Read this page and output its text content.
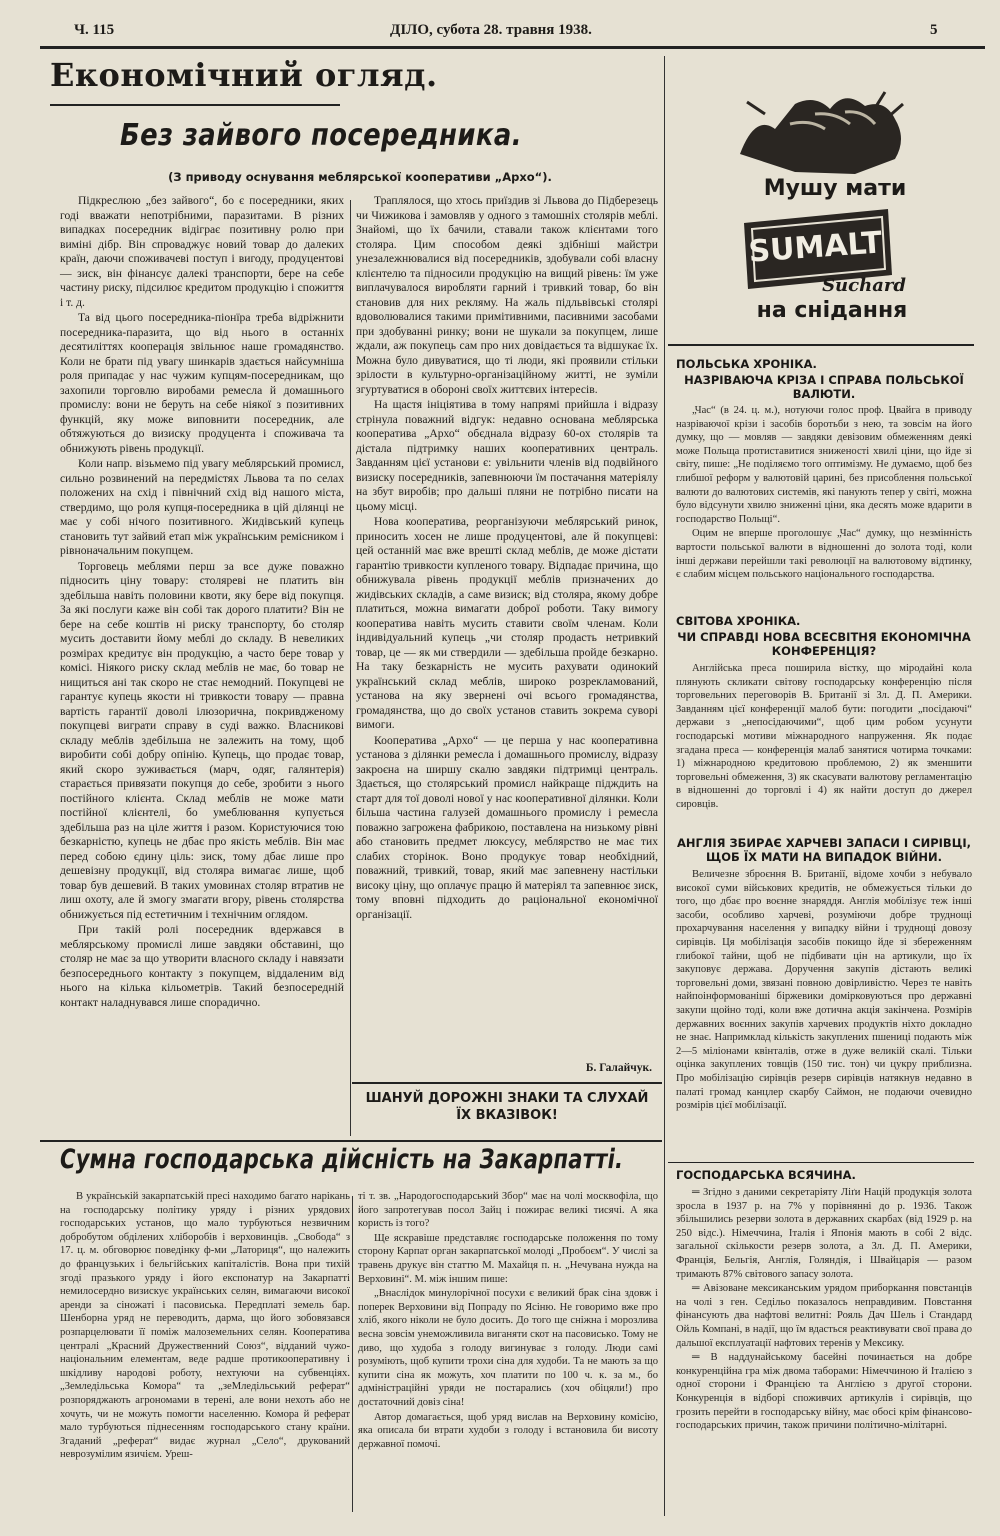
Ч. 115	ДІЛО, субота 28. травня 1938.	5
Економічний огляд.
Без зайвого посередника.
(З приводу оснування меблярської кооперативи „Архо“).

Підкреслюю „без зайвого“, бо є посередники, яких годі вважати непотрібними, паразитами. В різних випадках посередник відіграє позитивну ролю при виміні дібр. Він спроваджує новий товар до далеких країн, даючи споживачеві поступ і вигоду, продуцентові — зиск, він фінансує далекі транспорти, бере на себе частину риску, підсилює кредитом продукцію і спожиття і т. д.

Та від цього посередника-піонїра треба відріжнити посередника-паразита, що від нього в останніх десятиліттях кооперація звільнює наше громадянство. Коли не брати під увагу шинкарів здається найсумніша роля припадає у нас чужим купцям-посередникам, що захопили торговлю виробами ремесла й домашнього промислу: вони не беруть на себе ніякої з позитивних функцій, яку може виповнити посередник, але обтяжуються до визиску продуцента і споживача та обнижують рівень продукції.

Коли напр. візьмемо під увагу меблярський промисл, сильно розвинений на передмістях Львова та по селах положених на схід і північний схід від нашого міста, ствердимо, що роля купця-посередника в цій ділянці не має у собі нічого позитивного. Жидівський купець становить тут зайвий етап між українським ремісником і рівноначальним покупцем.

Торговець меблями перш за все дуже поважно підносить ціну товару: столяреві не платить він здебільша навіть половини квоти, яку бере від покупця. За які послуги каже він собі так дорого платити? Він не бере на себе коштів ні риску транспорту, бо столяр мусить доставити йому меблі до складу. В невеликих розмірах кредитує він продукцію, а часто бере товар у комісі. Ніякого риску склад меблів не має, бо товар не нищиться ані так скоро не стає немодний. Покупцеві не гарантує купець якости ні тривкости товару — правна вартість гарантії доволі ілюзорична, покривдженому покупцеві виграти справу в суді важко. Власникові складу меблів здебільша не залежить на тому, щоб виробити собі добру опінію. Купець, що продає товар, який скоро зуживається (марч, одяг, галянтерія) старається привязати покупця до себе, зробити з нього постійного клієнта. Склад меблів не може мати постійної клієнтелі, бо умеблювання купується здебільша раз на ціле життя і разом. Користуючися тою безкарністю, купець не дбає про якість меблів. Він має перед собою єдину ціль: зиск, тому дбає лише про дешевізну продукції, від столяра вимагає лише, щоб товар був дешевий. В таких умовинах столяр втратив не лиш охоту, але й змогу змагати вгору, рівень столярства обнижується під естетичним і технічним оглядом.

При такій ролі посередник вдержався в меблярському промислі лише завдяки обставині, що столяр не має за що утворити власного складу і навязати безпосереднього контакту з покупцем, віддаленим від нього на кілька кільометрів. Такий безпосередній контакт наладнувався лише спорадично.

Траплялося, що хтось приїздив зі Львова до Підберезець чи Чижикова і замовляв у одного з тамошніх столярів меблі. Знайомі, що їх бачили, ставали також клієнтами того столяра. Цим способом деякі здібніші майстри унезалежнювалися від посередників, здобували собі власну клієнтелю та підносили продукцію на вищий рівень: їм уже виплачувалося виробляти гарний і тривкий товар, бо він становив для них рекляму. На жаль підльвівські столярі вдоволювалися такими примітивними, пасивними засобами при здобуванні ринку; вони не шукали за покупцем, лише ждали, аж покупець сам про них довідається та відшукає їх. Можна було дивуватися, що ті люди, які проявили стільки зрілости в культурно-організаційному житті, не зуміли згуртуватися в обороні своїх життєвих інтересів.

На щастя ініціятива в тому напрямі прийшла і відразу стрінула поважний відгук: недавно основана меблярська кооператива „Архо“ обєднала відразу 60-ох столярів та дістала підтримку наших кооперативних централь. Завданням цієї установи є: увільнити членів від подвійного визиску посередників, запевнюючи їм постачання матеріялу на збут виробів; про дальші пляни не потрібно писати на цьому місці.

Нова кооператива, реорганізуючи меблярський ринок, приносить хосен не лише продуцентові, але й покупцеві: цей останній має вже врешті склад меблів, де може дістати гарантію тривкости купленого товару. Відпадає причина, що обнижувала рівень продукції меблів призначених до жидівських складів, а саме визиск; від столяра, якому добре платиться, можна вимагати доброї роботи. Таку вимогу кооператива навіть мусить ставити своїм членам. Коли індивідуальний купець „чи столяр продасть нетривкий товар, це — як ми ствердили — здебільша пройде безкарно. На таку безкарність не мусить рахувати одинокий український склад меблів, широко розрекламований, установа на яку звернені очі всього громадянства, громадянства, що до своїх установ ставить зокрема суворі вимоги.

Кооператива „Архо“ — це перша у нас кооперативна установа з ділянки ремесла і домашнього промислу, відразу закроєна на ширшу скалю завдяки підтримці централь. Здається, що столярський промисл найкраще підждить на старт для тої доволі нової у нас кооперативної ділянки. Коли більша частина галузей домашнього промислу і ремесла поважно загрожена фабрикою, поставлена на низькому рівні або становить предмет люксусу, меблярство не має тих слабих сторінок. Воно продукує товар необхідний, поважний, тривкий, товар, який має запевнену настільки високу ціну, що оплачує працю й матеріял та запевнює зиск, тому вповні підходить до раціональної економічної організації.

Б. Галайчук.
ШАНУЙ ДОРОЖНІ ЗНАКИ ТА СЛУХАЙ ЇХ ВКАЗІВОК!
Мушу мати
SUMALT
Suchard
на снідання
ПОЛЬСЬКА ХРОНІКА.
НАЗРІВАЮЧА КРІЗА І СПРАВА ПОЛЬСЬКОЇ ВАЛЮТИ.

„Час“ (в 24. ц. м.), нотуючи голос проф. Цвайга в приводу назріваючої крізи і засобів боротьби з нею, та зовсім на його думку, що — мовляв — завдяки девізовим обмеженням деякі може Польща протиставитися зниженості хвилі ціни, що йде зі світу, пише: „Не поділяємо того оптимізму. Не думаємо, щоб без глибшої реформ у валютовій царині, без присоблення польської валюти до валютових системів, які панують тепер у світі, можна було відсунути хвилю зниженні ціни, яка десять може вдарити в господарство Польщі“.

Оцим не вперше проголошує „Час“ думку, що незмінність вартости польської валюти в відношенні до золота тоді, коли інші держави перейшли такі революції на валютовому відтинку, є слабим місцем польського національного господарства.

СВІТОВА ХРОНІКА.
ЧИ СПРАВДІ НОВА ВСЕСВІТНЯ ЕКОНОМІЧНА КОНФЕРЕНЦІЯ?

Англійська преса поширила вістку, що міродайні кола плянують скликати світову господарську конференцію після торговельних переговорів В. Британії зі Зл. Д. П. Америки. Завданням цієї конференції малоб бути: погодити „посідаючі“ держави з „непосідаючими“, щоб цим робом усунути господарські мотиви міжнародного напруження. Як подає згадана преса — конференція малаб занятися чотирма точками: 1) міжнародною кредитовою проблемою, 2) як зменшити торговельні обмеження, 3) як скасувати валютову регламентацію в відношенні до торговлі і 4) як найти доступ до джерел сировців.

АНГЛІЯ ЗБИРАЄ ХАРЧЕВІ ЗАПАСИ І СИРІВЦІ, ЩОБ ЇХ МАТИ НА ВИПАДОК ВІЙНИ.

Величезне зброєння В. Британії, відоме хочби з небувало високої суми військових кредитів, не обмежується тільки до того, що дбає про воєнне знаряддя. Англія мобілізує теж інші засоби, особливо харчеві, розуміючи добре труднощі прохарчування населення у випадку війни і труднощі довозу сирівців. Ця мобілізація засобів покищо йде зі збереженням глибокої тайни, щоб не підбивати цін на артикули, що їх закуповує держава. Доручення закупів дістають великі торговельні доми, звязані повною довірливістю. Через те навіть найпоінформованіші біржевики домірковуються про державні закупи щойно тоді, коли вже дотична акція закінчена. Розмірів державних воєнних закупів харчевих продуктів ніхто докладно не знає. Напримклад кількість закуплених пшениці подають між 2—5 міліонами квінталів, отже в дуже великій скалі. Тільки оцінка закуплених товщів (150 тис. тон) чи цукру приблизна. Про мобілізацію сирівців резерв сирівців натякнув недавно в палаті громад канцлер скарбу Саймон, не подаючи очевидно розмірів цієї мобілізації.

ГОСПОДАРСЬКА ВСЯЧИНА.

═ Згідно з даними секретаріяту Ліґи Націй продукція золота зросла в 1937 р. на 7% у порівнянні до р. 1936. Також збільшились резерви золота в державних скарбах (від 1929 р. на 250 відс.). Німеччина, Італія і Японія мають в собі 2 відс. загальної скількости резерв золота, а Зл. Д. П. Америки, Франція, Бельгія, Англія, Голяндія, і Швайцарія — разом тримають 87% світового запасу золота.

═ Авізоване мексиканським урядом приборкання повстанців на чолі з ген. Седільо показалось неправдивим. Повстання фінансують два нафтові велитні: Рояль Дач Шель і Стандард Ойль Компані, в надії, що їм вдасться реактивувати свої права до дальшої експлуатації нафтових теренів у Мексику.

═ В наддунайському басейні починається на добре конкуренційна гра між двома таборами: Німеччиною й Італією з одної сторони і Францією та Англією з другої сторони. Конкуренція в відборі споживчих артикулів і сирівців, що грозить перейти в господарську війну, має обосі крім фінансово-господарських причин, також причини політично-мілітарні.

Сумна господарська дійсність на Закарпатті.

В українській закарпатській пресі находимо багато нарікань на господарську політику уряду і різних урядових господарських установ, що мало турбуються незвичним добробутом обділених хліборобів і верховинців. „Свобода“ з 17. ц. м. обговорює поведінку ф-ми „Латориця“, що належить до французьких і бельгійських капіталістів. Вона при тихій згоді празького уряду і його експонатур на Закарпатті немилосердно визискує українських селян, вимагаючи високої аренди за сіножаті і пасовиська. Передплаті земель бар. Шенборна уряд не переводить, дарма, що його зобовязався розпарцелювати її поміж малоземельних селян. Кооператива централі „Красний Дружественний Союз“, відданий чужо-національним елементам, веде радше протикооперативну і шкідливу народові роботу, нехтуючи на субвенціях. „Земледільська Комора“ та „зеМледільський реферат“ розпоряджають агрономами в терені, але вони нехоть або не хочуть, чи не можуть помогти населенню. Комора й реферат мало турбуються піднесенням господарського стану країни. Згаданий „реферат“ видає журнал „Село“, друкований неврозумілим язичієм. Уреш-

ті т. зв. „Народогосподарський Збор“ має на чолі москвофіла, що його запротегував посол Зайц і пожирає великі тисячі. А яка користь із того?

Ще яскравіше представляє господарське положення по тому сторону Карпат орган закарпатської молоді „Пробоєм“. У числі за травень друкує він статтю М. Махайця п. н. „Нечувана нужда на Верховині“. М. між іншим пише:

„Внаслідок минулорічної посухи є великий брак сіна здовж і поперек Верховини від Попраду по Ясіню. Не говоримо вже про хліб, якого ніколи не було досить. До того ще сніжна і морозлива весна зовсім унеможливила виганяти скот на пасовиськo. Тому не диво, що худоба з голоду вигинуває з голоду. Люди самі розуміють, щоб купити трохи сіна для худоби. Та не мають за що купити сіна як можуть, хоч платити по 100 ч. к. за м., бо адміністраційні уряди не постарались (хоч обіцяли!) про достаточний довіз сіна!

Автор домагається, щоб уряд вислав на Верховину комісію, яка описала би втрати худоби з голоду і встановила би висоту державної помочі.
